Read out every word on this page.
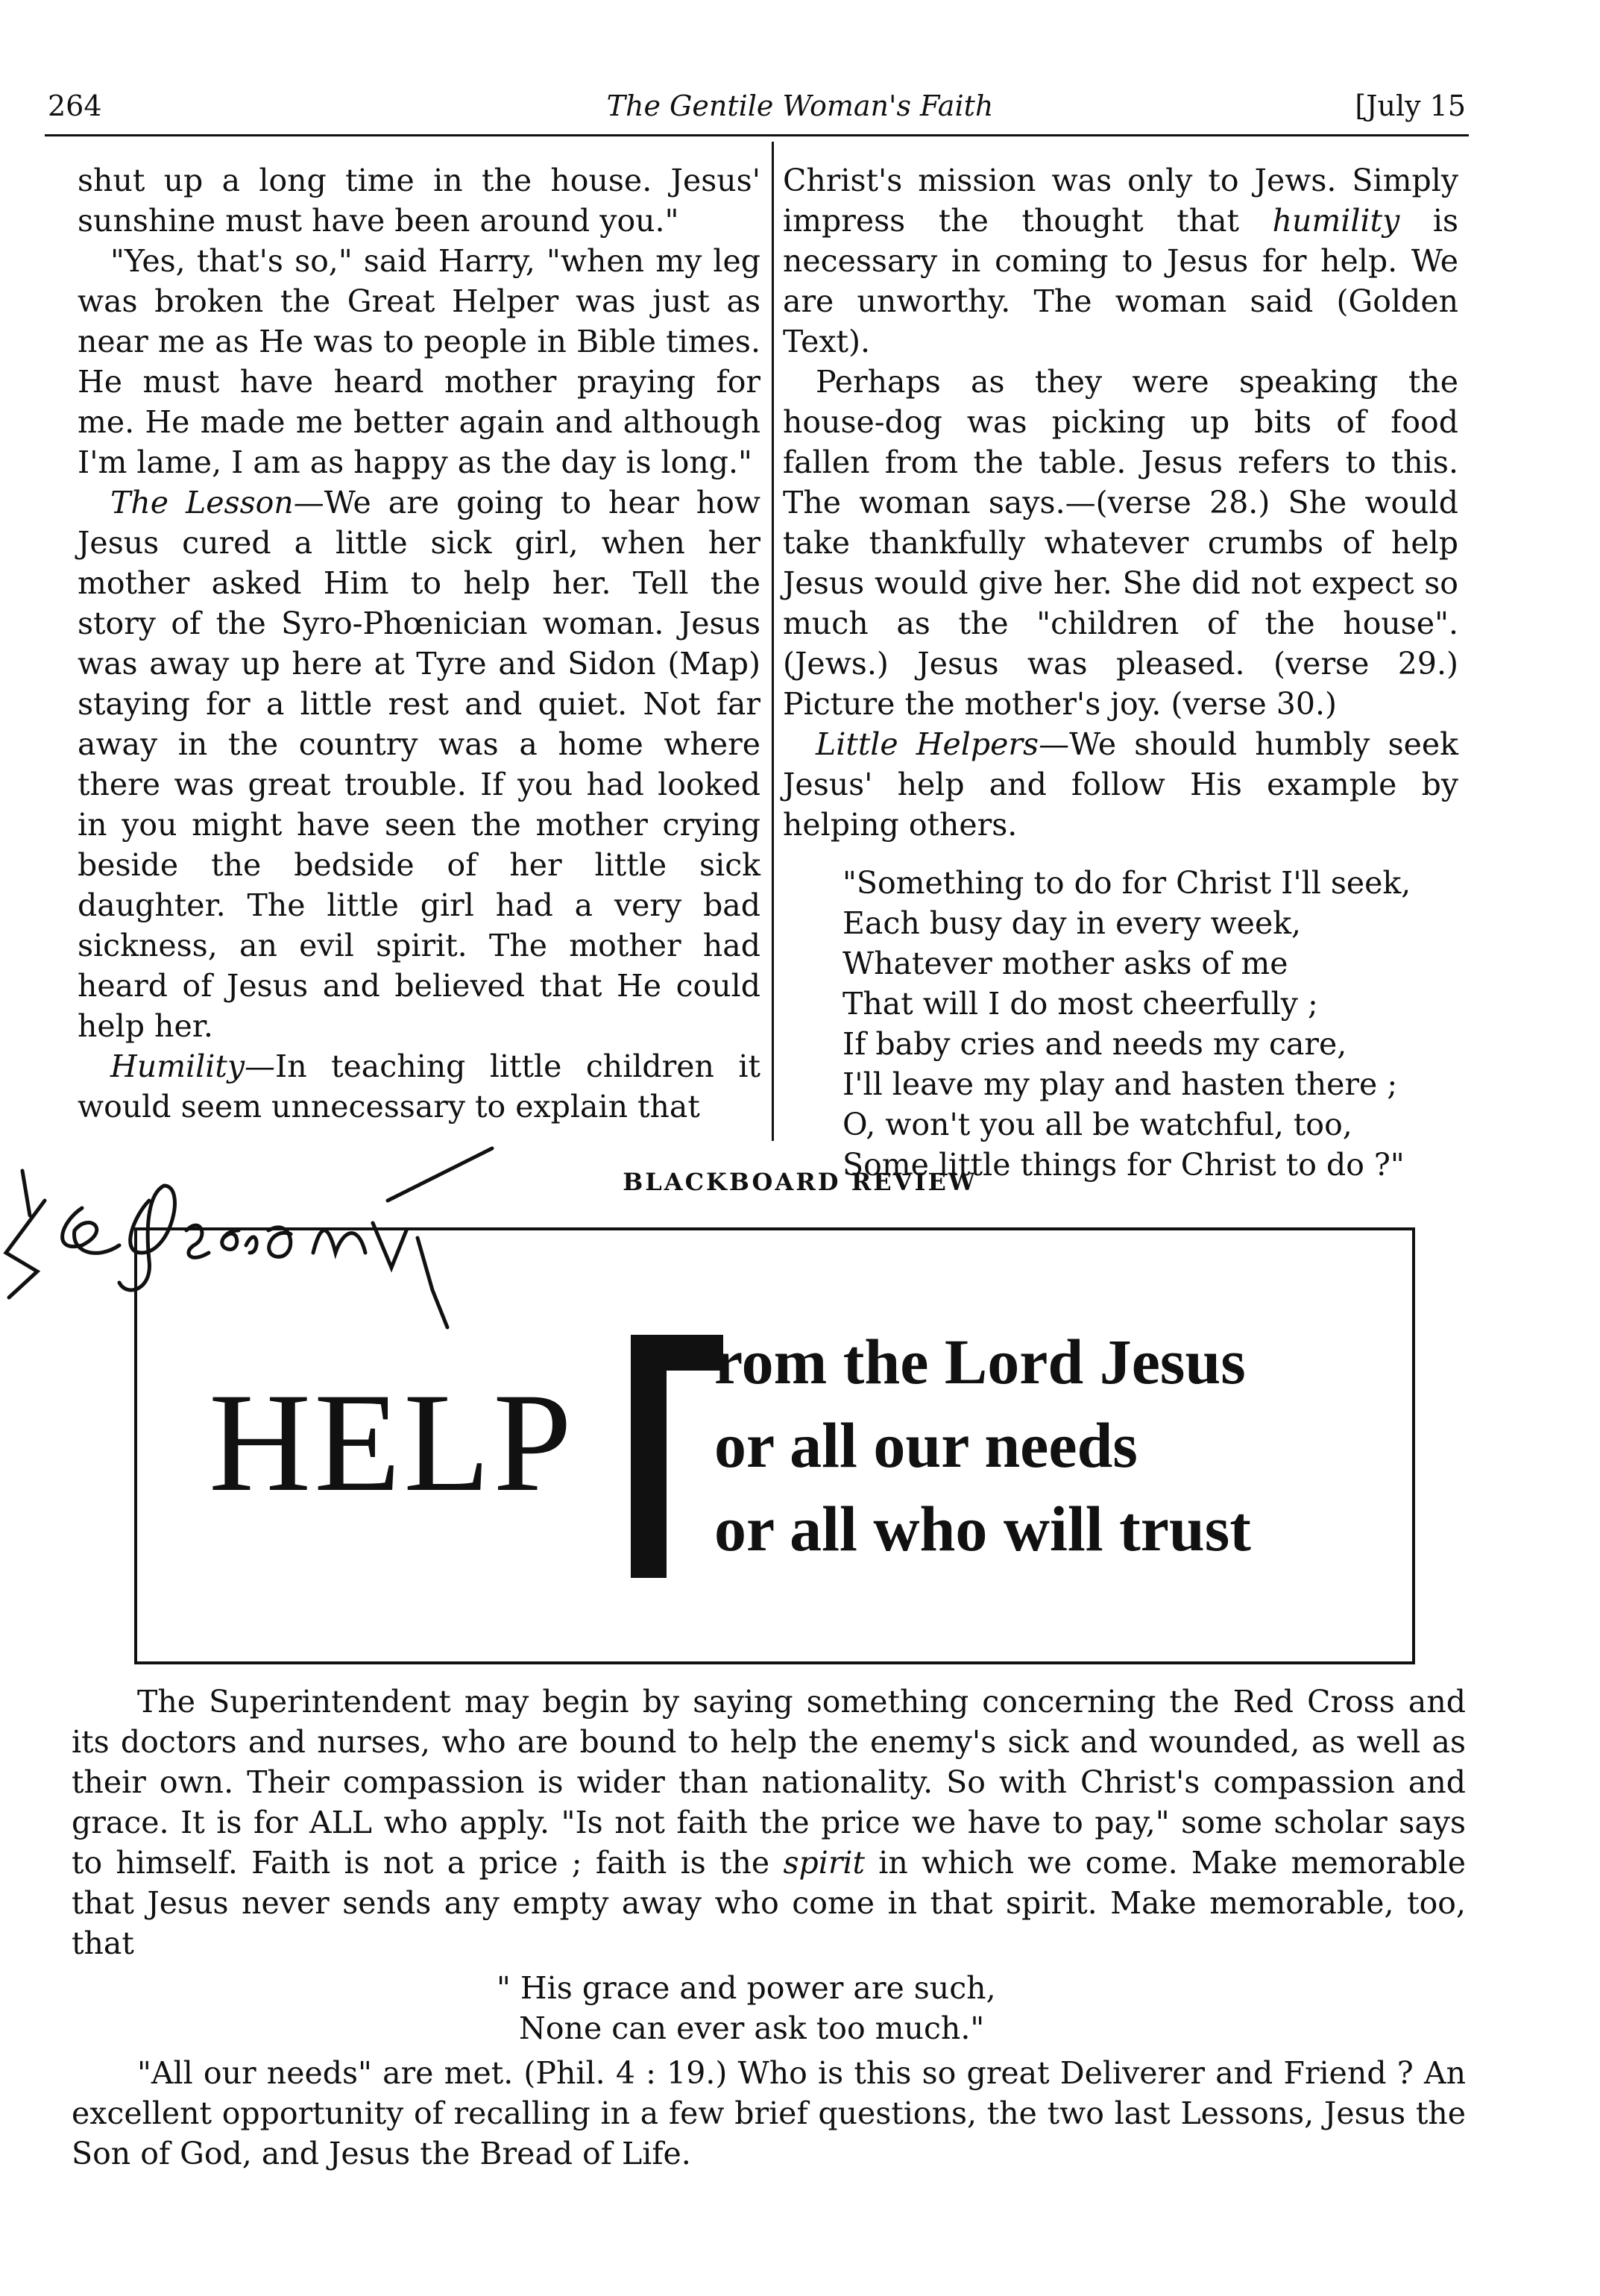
264	The Gentile Woman's Faith	[July 15

shut up a long time in the house. Jesus' sunshine must have been around you."

"Yes, that's so," said Harry, "when my leg was broken the Great Helper was just as near me as He was to people in Bible times. He must have heard mother praying for me. He made me better again and although I'm lame, I am as happy as the day is long."

The Lesson—We are going to hear how Jesus cured a little sick girl, when her mother asked Him to help her. Tell the story of the Syro-Phœnician woman. Jesus was away up here at Tyre and Sidon (Map) staying for a little rest and quiet. Not far away in the country was a home where there was great trouble. If you had looked in you might have seen the mother crying beside the bedside of her little sick daughter. The little girl had a very bad sickness, an evil spirit. The mother had heard of Jesus and believed that He could help her.

Humility—In teaching little children it would seem unnecessary to explain that

Christ's mission was only to Jews. Simply impress the thought that humility is necessary in coming to Jesus for help. We are unworthy. The woman said (Golden Text).

Perhaps as they were speaking the house-dog was picking up bits of food fallen from the table. Jesus refers to this. The woman says.—(verse 28.) She would take thankfully whatever crumbs of help Jesus would give her. She did not expect so much as the "children of the house". (Jews.) Jesus was pleased. (verse 29.) Picture the mother's joy. (verse 30.)

Little Helpers—We should humbly seek Jesus' help and follow His example by helping others.

"Something to do for Christ I'll seek,
Each busy day in every week,
Whatever mother asks of me
That will I do most cheerfully ;
If baby cries and needs my care,
I'll leave my play and hasten there ;
O, won't you all be watchful, too,
Some little things for Christ to do ?"
BLACKBOARD REVIEW
HELP
rom the Lord Jesus
or all our needs
or all who will trust

The Superintendent may begin by saying something concerning the Red Cross and its doctors and nurses, who are bound to help the enemy's sick and wounded, as well as their own. Their compassion is wider than nationality. So with Christ's compassion and grace. It is for ALL who apply. "Is not faith the price we have to pay," some scholar says to himself. Faith is not a price ; faith is the spirit in which we come. Make memorable that Jesus never sends any empty away who come in that spirit. Make memorable, too, that

" His grace and power are such,
None can ever ask too much."

"All our needs" are met. (Phil. 4 : 19.) Who is this so great Deliverer and Friend ? An excellent opportunity of recalling in a few brief questions, the two last Lessons, Jesus the Son of God, and Jesus the Bread of Life.
